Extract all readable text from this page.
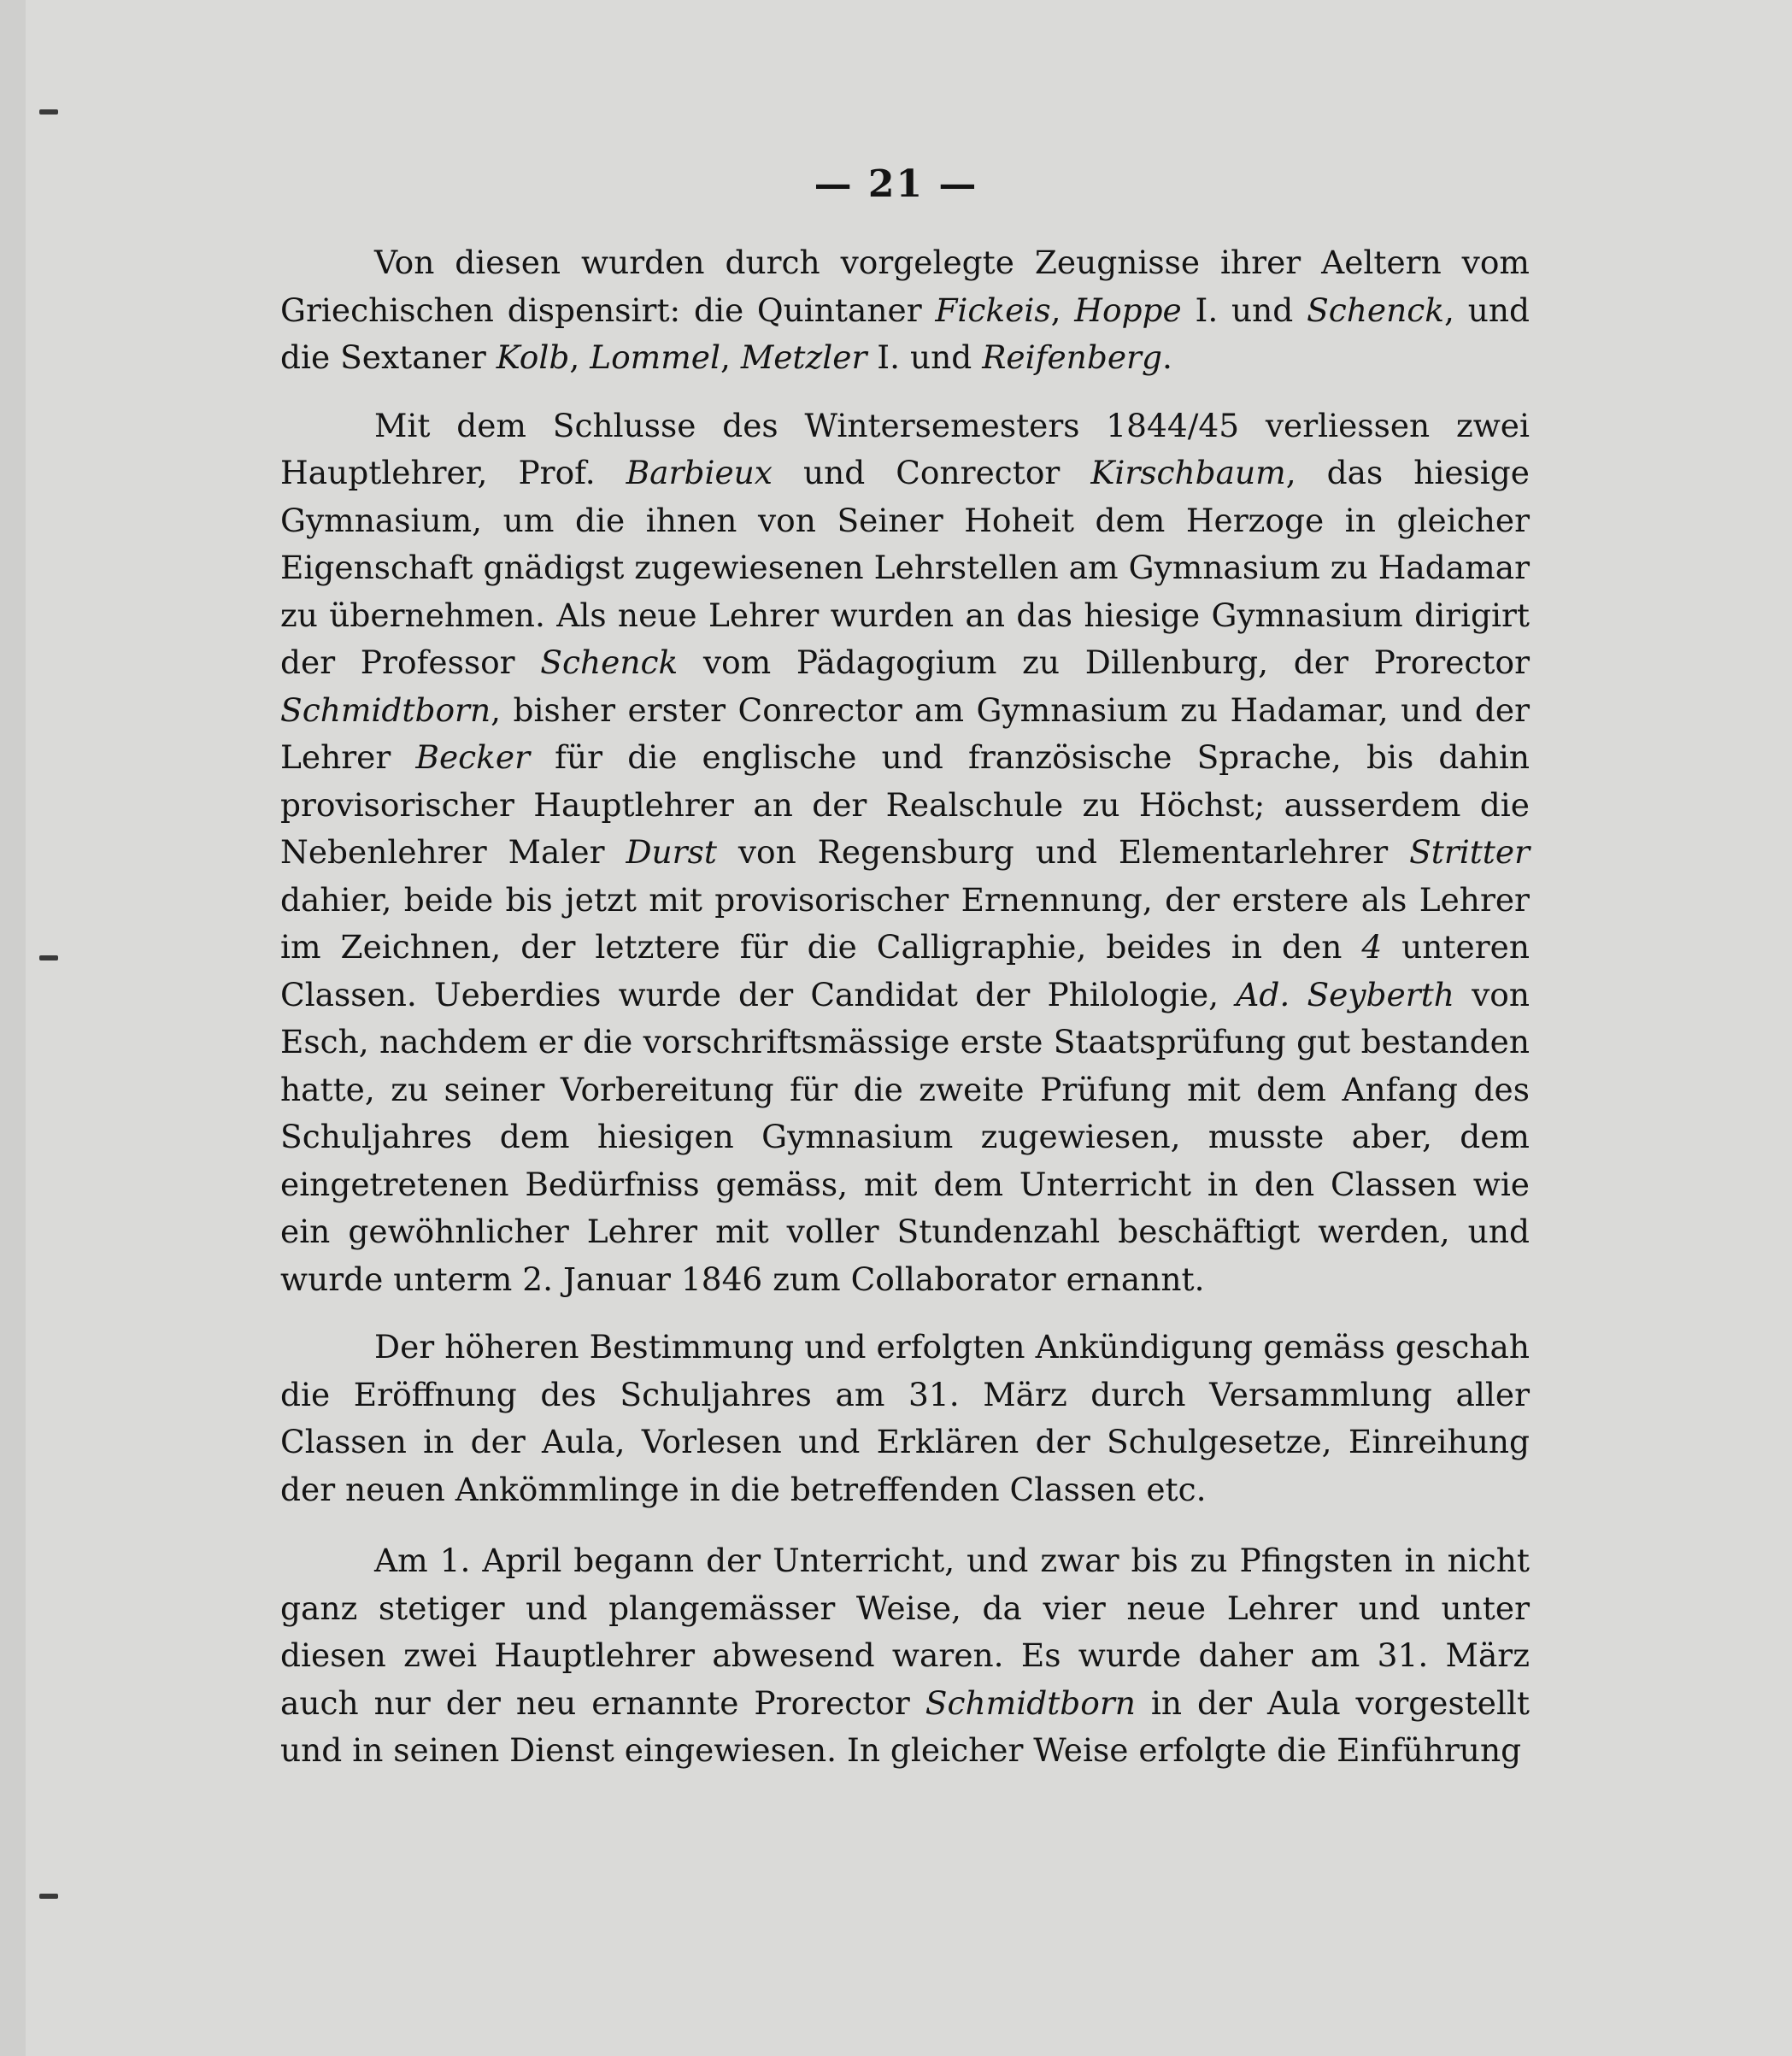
— 21 —

Von diesen wurden durch vorgelegte Zeugnisse ihrer Aeltern vom Griechischen dispensirt: die Quintaner Fickeis, Hoppe I. und Schenck, und die Sextaner Kolb, Lommel, Metzler I. und Reifenberg.

Mit dem Schlusse des Wintersemesters 1844/45 verliessen zwei Hauptlehrer, Prof. Barbieux und Conrector Kirschbaum, das hiesige Gymnasium, um die ihnen von Seiner Hoheit dem Herzoge in gleicher Eigenschaft gnädigst zugewiesenen Lehrstellen am Gymnasium zu Hadamar zu übernehmen. Als neue Lehrer wurden an das hiesige Gymnasium dirigirt der Professor Schenck vom Pädagogium zu Dillenburg, der Prorector Schmidtborn, bisher erster Conrector am Gymnasium zu Hadamar, und der Lehrer Becker für die englische und französische Sprache, bis dahin provisorischer Hauptlehrer an der Realschule zu Höchst; ausserdem die Nebenlehrer Maler Durst von Regensburg und Elementarlehrer Stritter dahier, beide bis jetzt mit provisorischer Ernennung, der erstere als Lehrer im Zeichnen, der letztere für die Calligraphie, beides in den 4 unteren Classen. Ueberdies wurde der Candidat der Philologie, Ad. Seyberth von Esch, nachdem er die vorschriftsmässige erste Staatsprüfung gut bestanden hatte, zu seiner Vorbereitung für die zweite Prüfung mit dem Anfang des Schuljahres dem hiesigen Gymnasium zugewiesen, musste aber, dem eingetretenen Bedürfniss gemäss, mit dem Unterricht in den Classen wie ein gewöhnlicher Lehrer mit voller Stundenzahl beschäftigt werden, und wurde unterm 2. Januar 1846 zum Collaborator ernannt.

Der höheren Bestimmung und erfolgten Ankündigung gemäss geschah die Eröffnung des Schuljahres am 31. März durch Versammlung aller Classen in der Aula, Vorlesen und Erklären der Schulgesetze, Einreihung der neuen Ankömmlinge in die betreffenden Classen etc.

Am 1. April begann der Unterricht, und zwar bis zu Pfingsten in nicht ganz stetiger und plangemässer Weise, da vier neue Lehrer und unter diesen zwei Hauptlehrer abwesend waren. Es wurde daher am 31. März auch nur der neu ernannte Prorector Schmidtborn in der Aula vorgestellt und in seinen Dienst eingewiesen. In gleicher Weise erfolgte die Einführung
